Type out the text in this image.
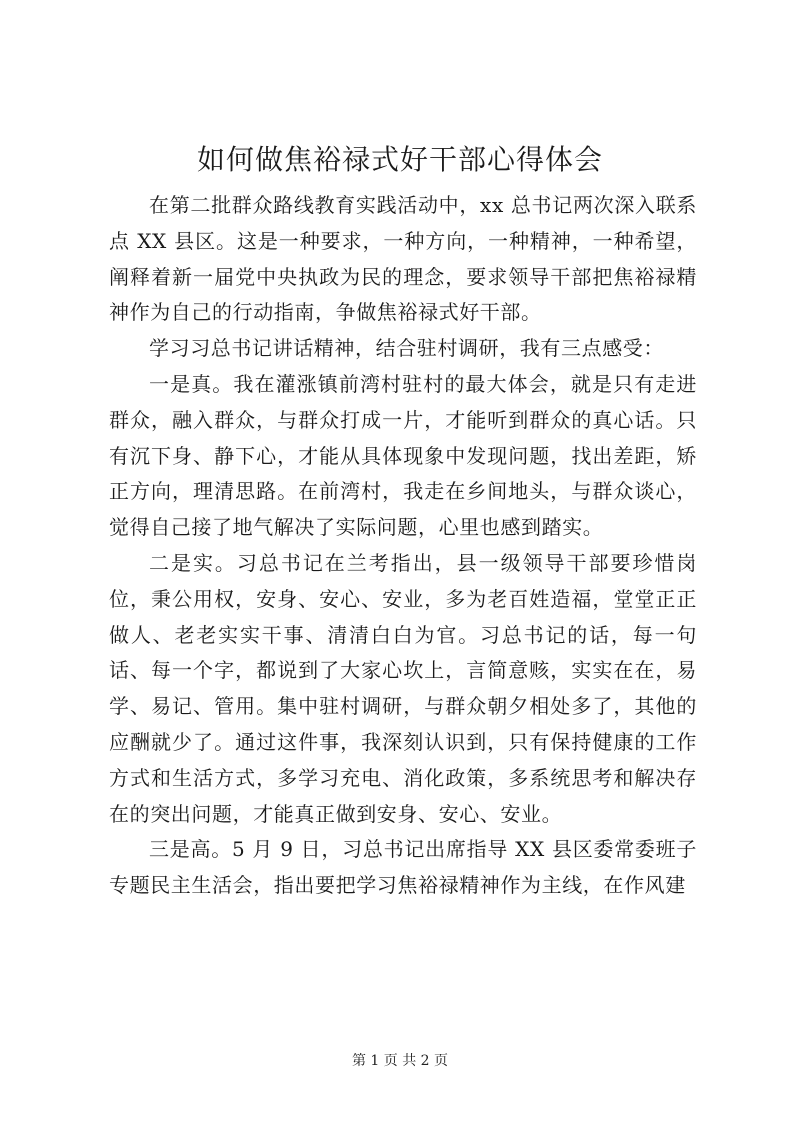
如何做焦裕禄式好干部心得体会

在第二批群众路线教育实践活动中，xx 总书记两次深入联系点 XX 县区。这是一种要求，一种方向，一种精神，一种希望，阐释着新一届党中央执政为民的理念，要求领导干部把焦裕禄精神作为自己的行动指南，争做焦裕禄式好干部。

学习习总书记讲话精神，结合驻村调研，我有三点感受：

一是真。我在灌涨镇前湾村驻村的最大体会，就是只有走进群众，融入群众，与群众打成一片，才能听到群众的真心话。只有沉下身、静下心，才能从具体现象中发现问题，找出差距，矫正方向，理清思路。在前湾村，我走在乡间地头，与群众谈心，觉得自己接了地气解决了实际问题，心里也感到踏实。

二是实。习总书记在兰考指出，县一级领导干部要珍惜岗位，秉公用权，安身、安心、安业，多为老百姓造福，堂堂正正做人、老老实实干事、清清白白为官。习总书记的话，每一句话、每一个字，都说到了大家心坎上，言简意赅，实实在在，易学、易记、管用。集中驻村调研，与群众朝夕相处多了，其他的应酬就少了。通过这件事，我深刻认识到，只有保持健康的工作方式和生活方式，多学习充电、消化政策，多系统思考和解决存在的突出问题，才能真正做到安身、安心、安业。

三是高。5 月 9 日，习总书记出席指导 XX 县区委常委班子专题民主生活会，指出要把学习焦裕禄精神作为主线，在作风建

第 1 页 共 2 页
